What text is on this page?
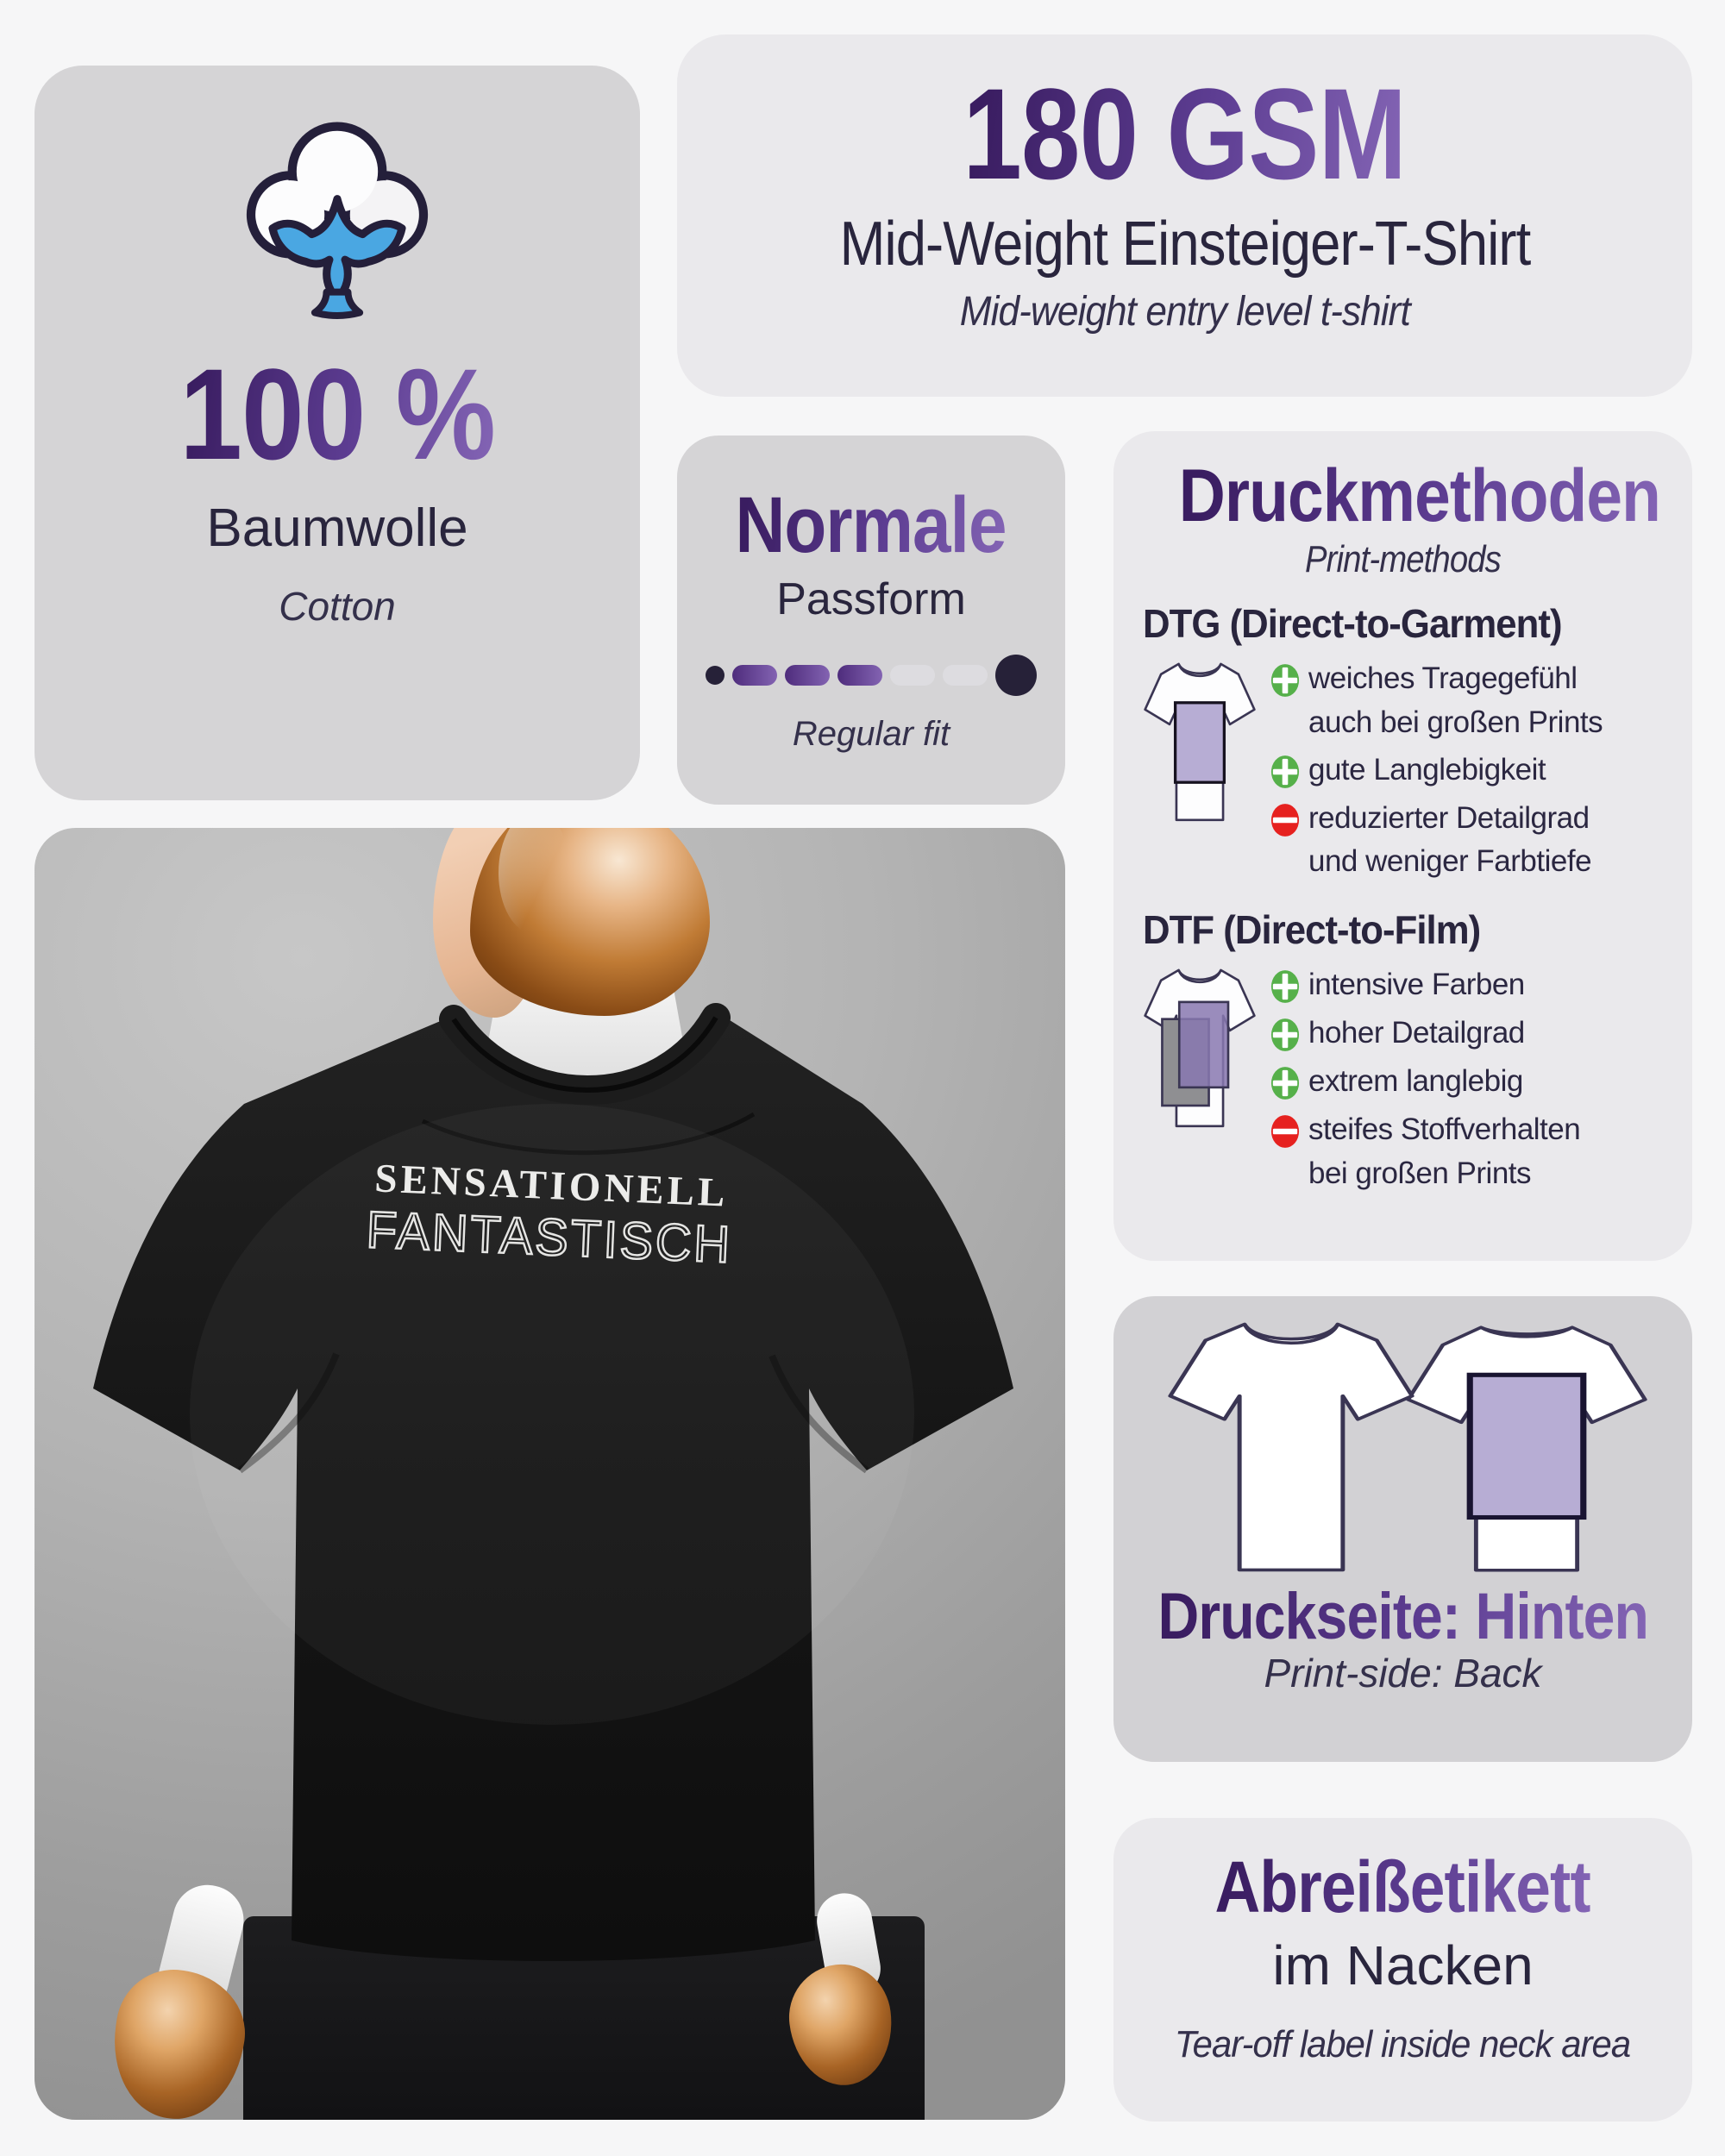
100 %
Baumwolle
Cotton
180 GSM Mid-Weight Einsteiger-T-Shirt Mid-weight entry level t-shirt
Normale
Passform
Regular fit
Druckmethoden
Print-methods
DTG (Direct-to-Garment)
weiches Tragegefühl
auch bei großen Prints
gute Langlebigkeit
reduzierter Detailgrad
und weniger Farbtiefe
DTF (Direct-to-Film)
intensive Farben
hoher Detailgrad
extrem langlebig
steifes Stoffverhalten
bei großen Prints
Druckseite: Hinten
Print-side: Back
Abreißetikett
im Nacken
Tear-off label inside neck area
SENSATIONELL
FANTASTISCH
